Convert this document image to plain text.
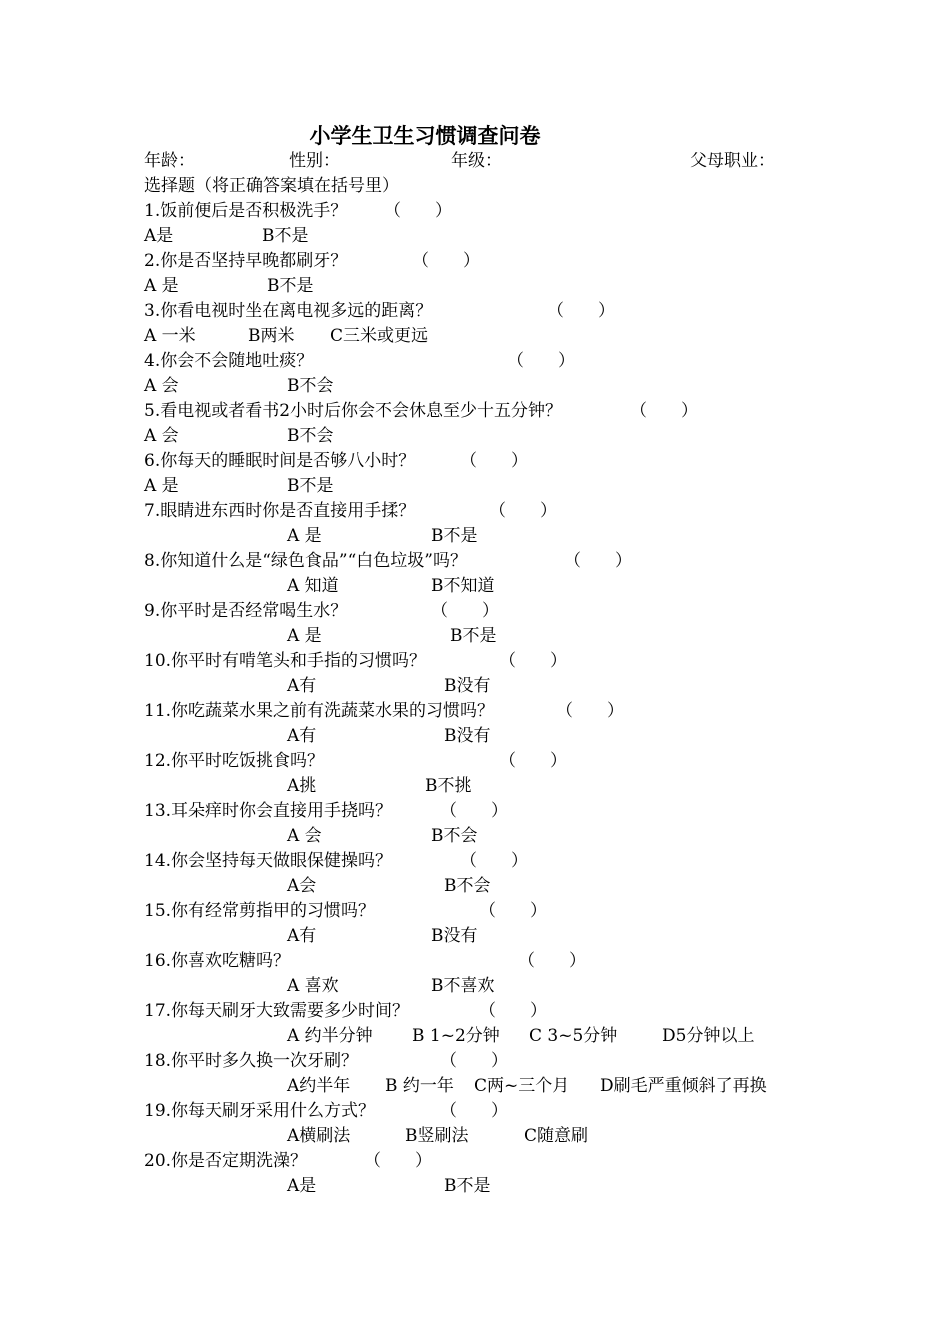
小学生卫生习惯调查问卷
年龄：	性别：	年级：	父母职业：
选择题（将正确答案填在括号里）
1.饭前便后是否积极洗手？ （　　）
A是	B不是
2.你是否坚持早晚都刷牙？	（　　）
A 是	B不是
3.你看电视时坐在离电视多远的距离？	（　　）
A 一米	B两米 C三米或更远
4.你会不会随地吐痰？	（　　）
A 会	B不会
5.看电视或者看书2小时后你会不会休息至少十五分钟？	（　　）
A 会	B不会
6.你每天的睡眠时间是否够八小时？	（　　）
A 是	B不是
7.眼睛进东西时你是否直接用手揉？	（　　）
A 是	B不是
8.你知道什么是“绿色食品”“白色垃圾”吗？	（　　）
A 知道	B不知道
9.你平时是否经常喝生水？	（　　）
A 是	B不是
10.你平时有啃笔头和手指的习惯吗？	（　　）
A有	B没有
11.你吃蔬菜水果之前有洗蔬菜水果的习惯吗？	（　　）
A有	B没有
12.你平时吃饭挑食吗？	（　　）
A挑	B不挑
13.耳朵痒时你会直接用手挠吗？	（　　）
A 会	B不会
14.你会坚持每天做眼保健操吗？	（　　）
A会	B不会
15.你有经常剪指甲的习惯吗？	（　　）
A有	B没有
16.你喜欢吃糖吗？	（　　）
A 喜欢	B不喜欢
17.你每天刷牙大致需要多少时间？	（　　）
A 约半分钟 B 1~2分钟 C 3~5分钟	D5分钟以上
18.你平时多久换一次牙刷？	（　　）
A约半年 B 约一年 C两~三个月 D刷毛严重倾斜了再换
19.你每天刷牙采用什么方式？	（　　）
A横刷法	B竖刷法	C随意刷
20.你是否定期洗澡？	（　　）
A是	B不是
